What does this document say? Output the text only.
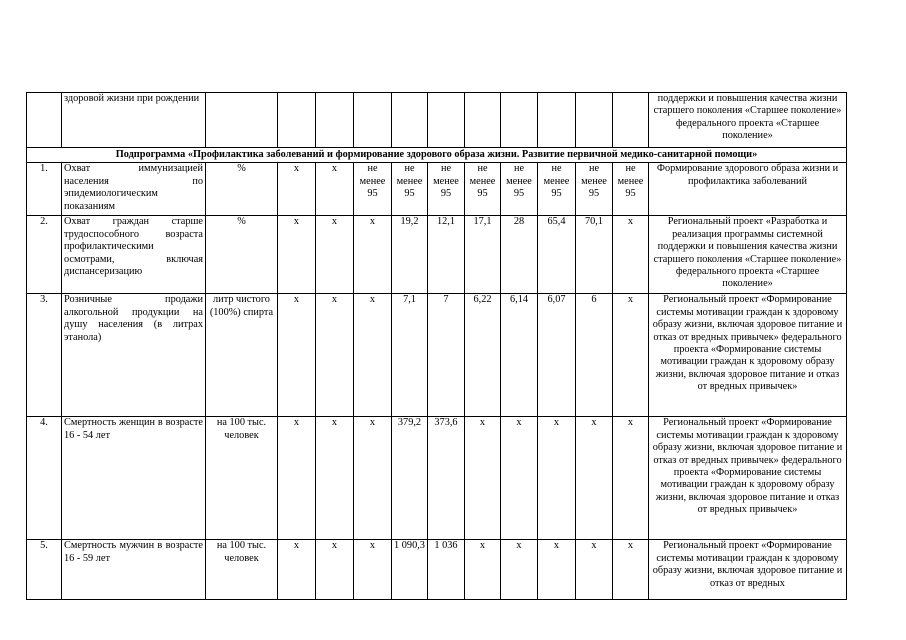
	здоровой жизни при рождении												поддержки и повышения качества жизни старшего поколения «Старшее поколение» федерального проекта «Старшее поколение»
Подпрограмма «Профилактика заболеваний и формирование здорового образа жизни. Развитие первичной медико-санитарной помощи»													
1.	Охват иммунизацией населения по эпидемиологическим показаниям	%	х	х	не менее 95	не менее 95	не менее 95	не менее 95	не менее 95	не менее 95	не менее 95	не менее 95	Формирование здорового образа жизни и профилактика заболеваний
2.	Охват граждан старше трудоспособного возраста профилактическими осмотрами, включая диспансеризацию	%	х	х	х	19,2	12,1	17,1	28	65,4	70,1	х	Региональный проект «Разработка и реализация программы системной поддержки и повышения качества жизни старшего поколения «Старшее поколение» федерального проекта «Старшее поколение»
3.	Розничные продажи алкогольной продукции на душу населения (в литрах этанола)	литр чистого (100%) спирта	х	х	х	7,1	7	6,22	6,14	6,07	6	х	Региональный проект «Формирование системы мотивации граждан к здоровому образу жизни, включая здоровое питание и отказ от вредных привычек» федерального проекта «Формирование системы мотивации граждан к здоровому образу жизни, включая здоровое питание и отказ от вредных привычек»
4.	Смертность женщин в возрасте 16 - 54 лет	на 100 тыс. человек	х	х	х	379,2	373,6	х	х	х	х	х	Региональный проект «Формирование системы мотивации граждан к здоровому образу жизни, включая здоровое питание и отказ от вредных привычек» федерального проекта «Формирование системы мотивации граждан к здоровому образу жизни, включая здоровое питание и отказ от вредных привычек»
5.	Смертность мужчин в возрасте 16 - 59 лет	на 100 тыс. человек	х	х	х	1 090,3	1 036	х	х	х	х	х	Региональный проект «Формирование системы мотивации граждан к здоровому образу жизни, включая здоровое питание и отказ от вредных
